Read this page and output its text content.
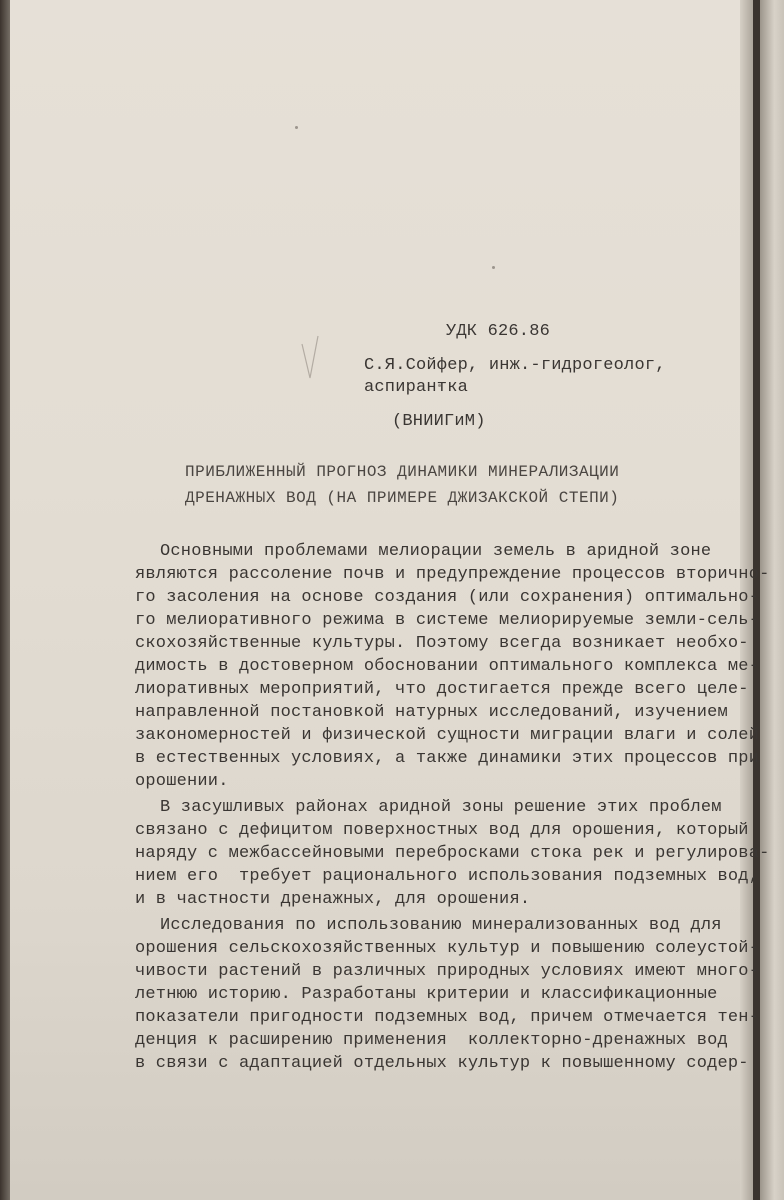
УДК 626.86
С.Я.Сойфер, инж.-гидрогеолог,
аспирантка
(ВНИИГиМ)
ПРИБЛИЖЕННЫЙ ПРОГНОЗ ДИНАМИКИ МИНЕРАЛИЗАЦИИ
ДРЕНАЖНЫХ ВОД (НА ПРИМЕРЕ ДЖИЗАКСКОЙ СТЕПИ)
Основными проблемами мелиорации земель в аридной зоне
являются рассоление почв и предупреждение процессов вторично-
го засоления на основе создания (или сохранения) оптимально-
го мелиоративного режима в системе мелиорируемые земли-сель-
скохозяйственные культуры. Поэтому всегда возникает необхо-
димость в достоверном обосновании оптимального комплекса ме-
лиоративных мероприятий, что достигается прежде всего целе-
направленной постановкой натурных исследований, изучением
закономерностей и физической сущности миграции влаги и солей
в естественных условиях, а также динамики этих процессов при
орошении.
В засушливых районах аридной зоны решение этих проблем
связано с дефицитом поверхностных вод для орошения, который
наряду с межбассейновыми перебросками стока рек и регулирова-
нием его  требует рационального использования подземных вод,
и в частности дренажных, для орошения.
Исследования по использованию минерализованных вод для
орошения сельскохозяйственных культур и повышению солеустой-
чивости растений в различных природных условиях имеют много-
летнюю историю. Разработаны критерии и классификационные
показатели пригодности подземных вод, причем отмечается тен-
денция к расширению применения  коллекторно-дренажных вод
в связи с адаптацией отдельных культур к повышенному содер-
